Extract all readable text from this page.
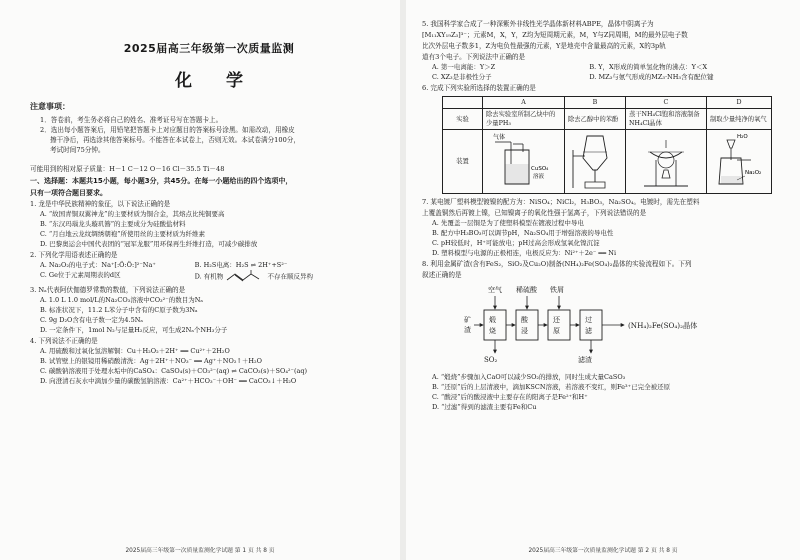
2025届高三年级第一次质量监测
化 学
注意事项：
1．答卷前，考生务必将自己的姓名、准考证号写在答题卡上。
2．选出每小题答案后，用铅笔把答题卡上对应题目的答案标号涂黑。如需改动，用橡皮
擦干净后，再选涂其他答案标号。不能答在本试卷上，否则无效。本试卷满分100分，
考试时间75分钟。
可能用到的相对原子质量：H－1 C－12 O－16 Cl－35.5 Ti－48
一、选择题：本题共15小题，每小题3分，共45分。在每一小题给出的四个选项中，
只有一项符合题目要求。
1. 龙是中华民族精神的象征，以下说法正确的是
A. “故国青铜双翼神龙”的主要材质为铜合金，其熔点比纯铜要高
B. “东汉玛瑙龙头璇玑簪”的主要成分为硅酸盐材料
C. “月白地云龙纹绸绣朝袍”所使用丝的主要材质为纤维素
D. 巴黎奥运会中国代表团的“冠军龙服”用环保再生纤维打造，可减少碳排放
2. 下列化学用语表述正确的是
A. Na₂O₂的电子式：Na⁺[:Ö:Ö:]²⁻Na⁺	B. H₂S电离：H₂S ⇌ 2H⁺+S²⁻
C. Ge位于元素周期表的d区	D. 有机物	不存在顺反异构
3. Nₐ代表阿伏伽德罗常数的数值，下列说法正确的是
A. 1.0 L 1.0 mol/L的Na₂CO₃溶液中CO₃²⁻的数目为Nₐ
B. 标准状况下，11.2 L苯分子中含有的C原子数为3Nₐ
C. 9g D₂O含有电子数一定为4.5Nₐ
D. 一定条件下，1mol N₂与足量H₂反应，可生成2Nₐ个NH₃分子
4. 下列说法不正确的是
A. 用硫酸和过氧化氢溶解铜：Cu＋H₂O₂＋2H⁺ ══ Cu²⁺＋2H₂O
B. 试管壁上的银镜用稀硝酸清洗：Ag＋2H⁺＋NO₃⁻ ══ Ag⁺＋NO₂↑＋H₂O
C. 碳酸钠溶液用于处理水垢中的CaSO₄：CaSO₄(s)＋CO₃²⁻(aq) ⇌ CaCO₃(s)＋SO₄²⁻(aq)
D. 向澄清石灰水中滴加少量的碳酸氢钠溶液：Ca²⁺＋HCO₃⁻＋OH⁻ ══ CaCO₃↓＋H₂O
2025届高三年级第一次质量监测化学试题 第 1 页 共 8 页
5. 我国科学家合成了一种深紫外非线性光学晶体新材料ABPE，晶体中阴离子为
[M₁₁XY₁₉Z₃]³⁻；元素M，X，Y，Z均为短周期元素，M，Y与Z同周期，M的最外层电子数
比次外层电子数多1，Z为电负性最强的元素，Y是地壳中含量最高的元素，X的3p轨
道有3个电子。下列说法中正确的是
A. 第一电离能：Y＞Z	B. Y，X形成的简单氢化物的沸点：Y＜X
C. XZ₃是非极性分子	D. MZ₃与氨气形成的MZ₃·NH₃含有配位键
6. 完成下列实验所选择的装置正确的是
	A	B	C	D
实验	除去实验室所制乙炔中的少量PH₃	除去乙醇中的苯酚	蒸干NH₄Cl饱和溶液制备NH₄Cl晶体	制取少量纯净的氧气
装置	气体
CuSO₄
溶液			H₂O
Na₂O₂
7. 某电镀厂塑料模型镀镍的配方为：NiSO₄；NiCl₂，H₃BO₃，Na₂SO₄。电镀时，需先在塑料
上覆盖铜然后再镀上镍，已知镍离子的氧化性强于氢离子，下列说法错误的是
A. 先覆盖一层铜是为了使塑料模型在镀液过程中导电
B. 配方中H₃BO₃可以调节pH，Na₂SO₄用于增强溶液的导电性
C. pH较低时，H⁺可能放电；pH过高会形成氢氧化镍沉淀
D. 塑料模型与电源的正极相连，电极反应为：Ni²⁺＋2e⁻ ══ Ni
8. 利用金属矿渣(含有FeS₂，SiO₂及Cu₂O)制备(NH₄)₂Fe(SO₄)₂晶体的实验流程如下。下列
叙述正确的是
空气 稀硫酸 铁屑
矿
渣
煅
烧
酸
浸
还
原
过
滤
(NH₄)₂Fe(SO₄)₂晶体
SO₂	滤渣
A. “煅烧”步骤加入CaO可以减少SO₂的排放，同时生成大量CaSO₃
B. “还原”后的上层清液中，滴加KSCN溶液，若溶液不变红，则Fe³⁺已完全被还原
C. “酸浸”后的酸浸液中主要存在的阳离子是Fe²⁺和H⁺
D. “过滤”得到的滤渣主要有Fe和Cu
2025届高三年级第一次质量监测化学试题 第 2 页 共 8 页
